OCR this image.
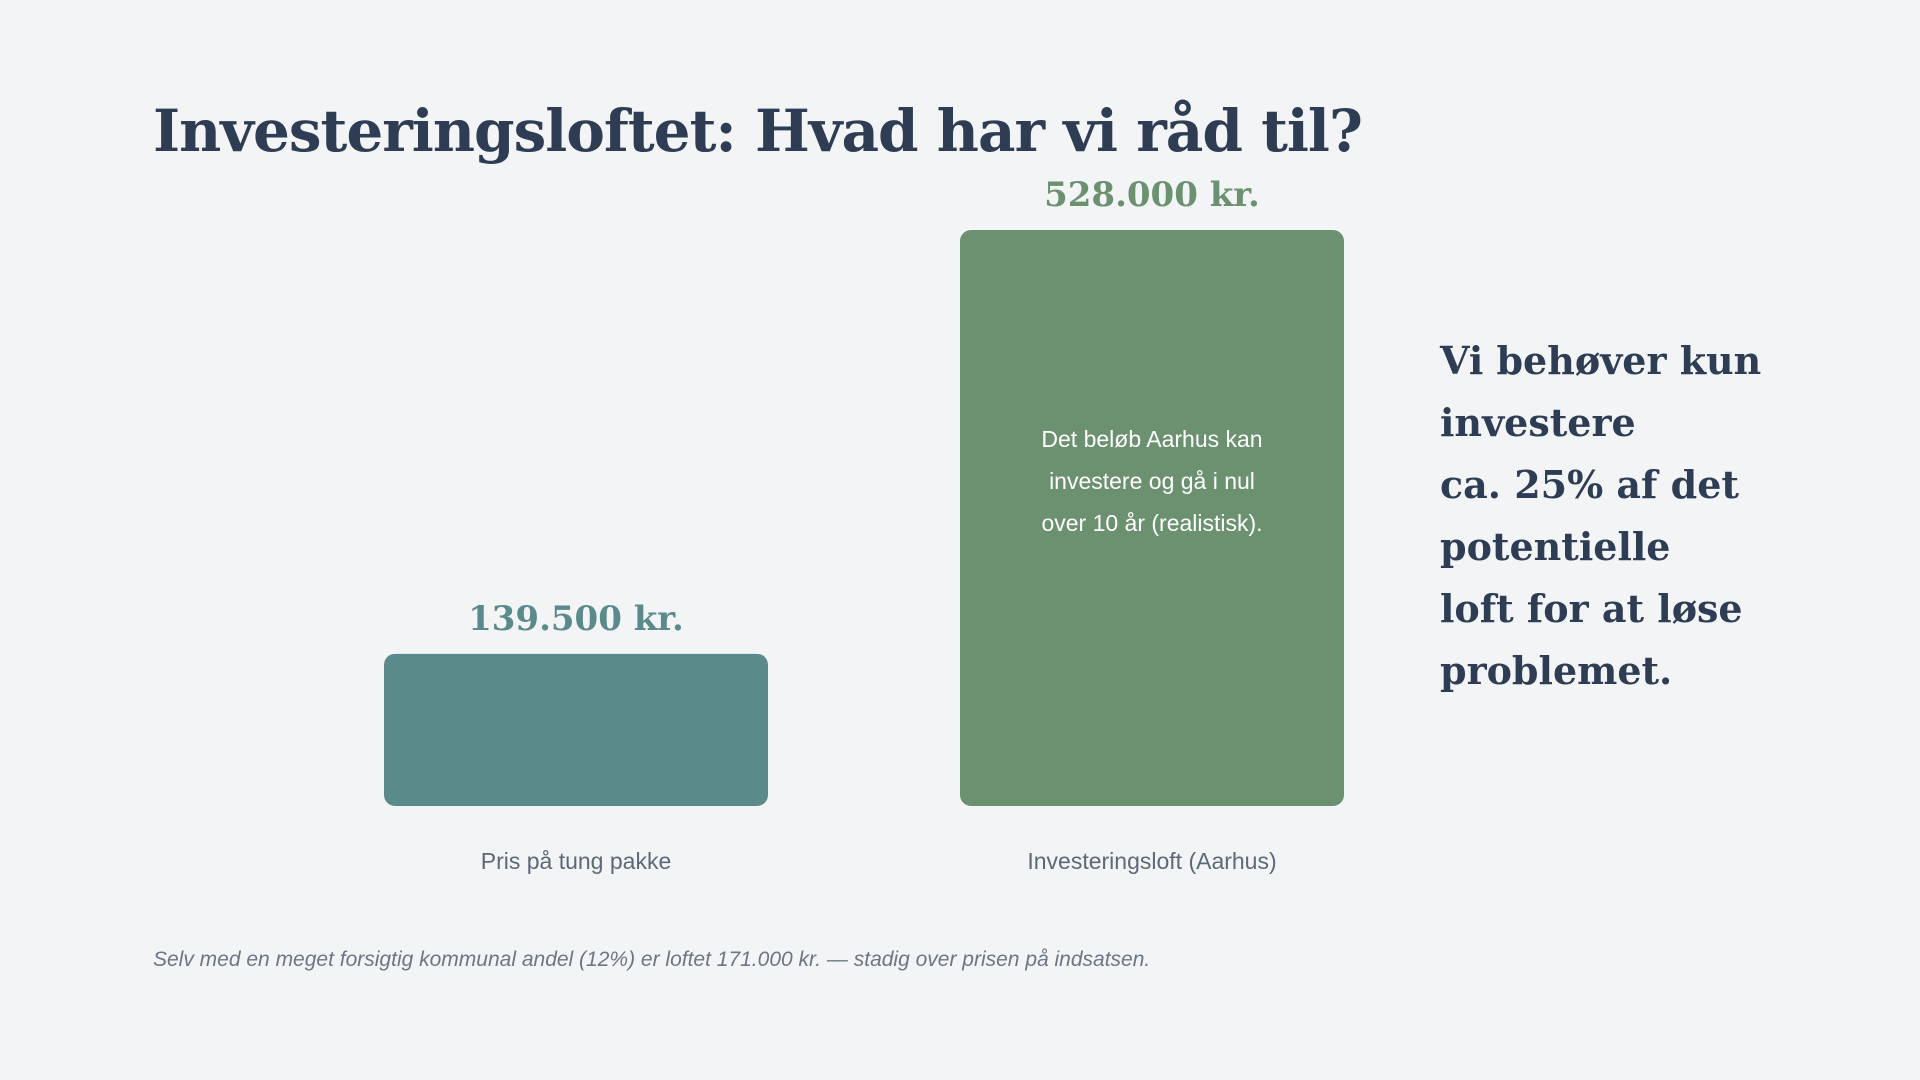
Investeringsloftet: Hvad har vi råd til?
139.500 kr.
Pris på tung pakke
528.000 kr.
Investeringsloft (Aarhus)
Det beløb Aarhus kan
investere og gå i nul
over 10 år (realistisk).
Vi behøver kun
investere
ca. 25% af det
potentielle
loft for at løse
problemet.

Selv med en meget forsigtig kommunal andel (12%) er loftet 171.000 kr. — stadig over prisen på indsatsen.
